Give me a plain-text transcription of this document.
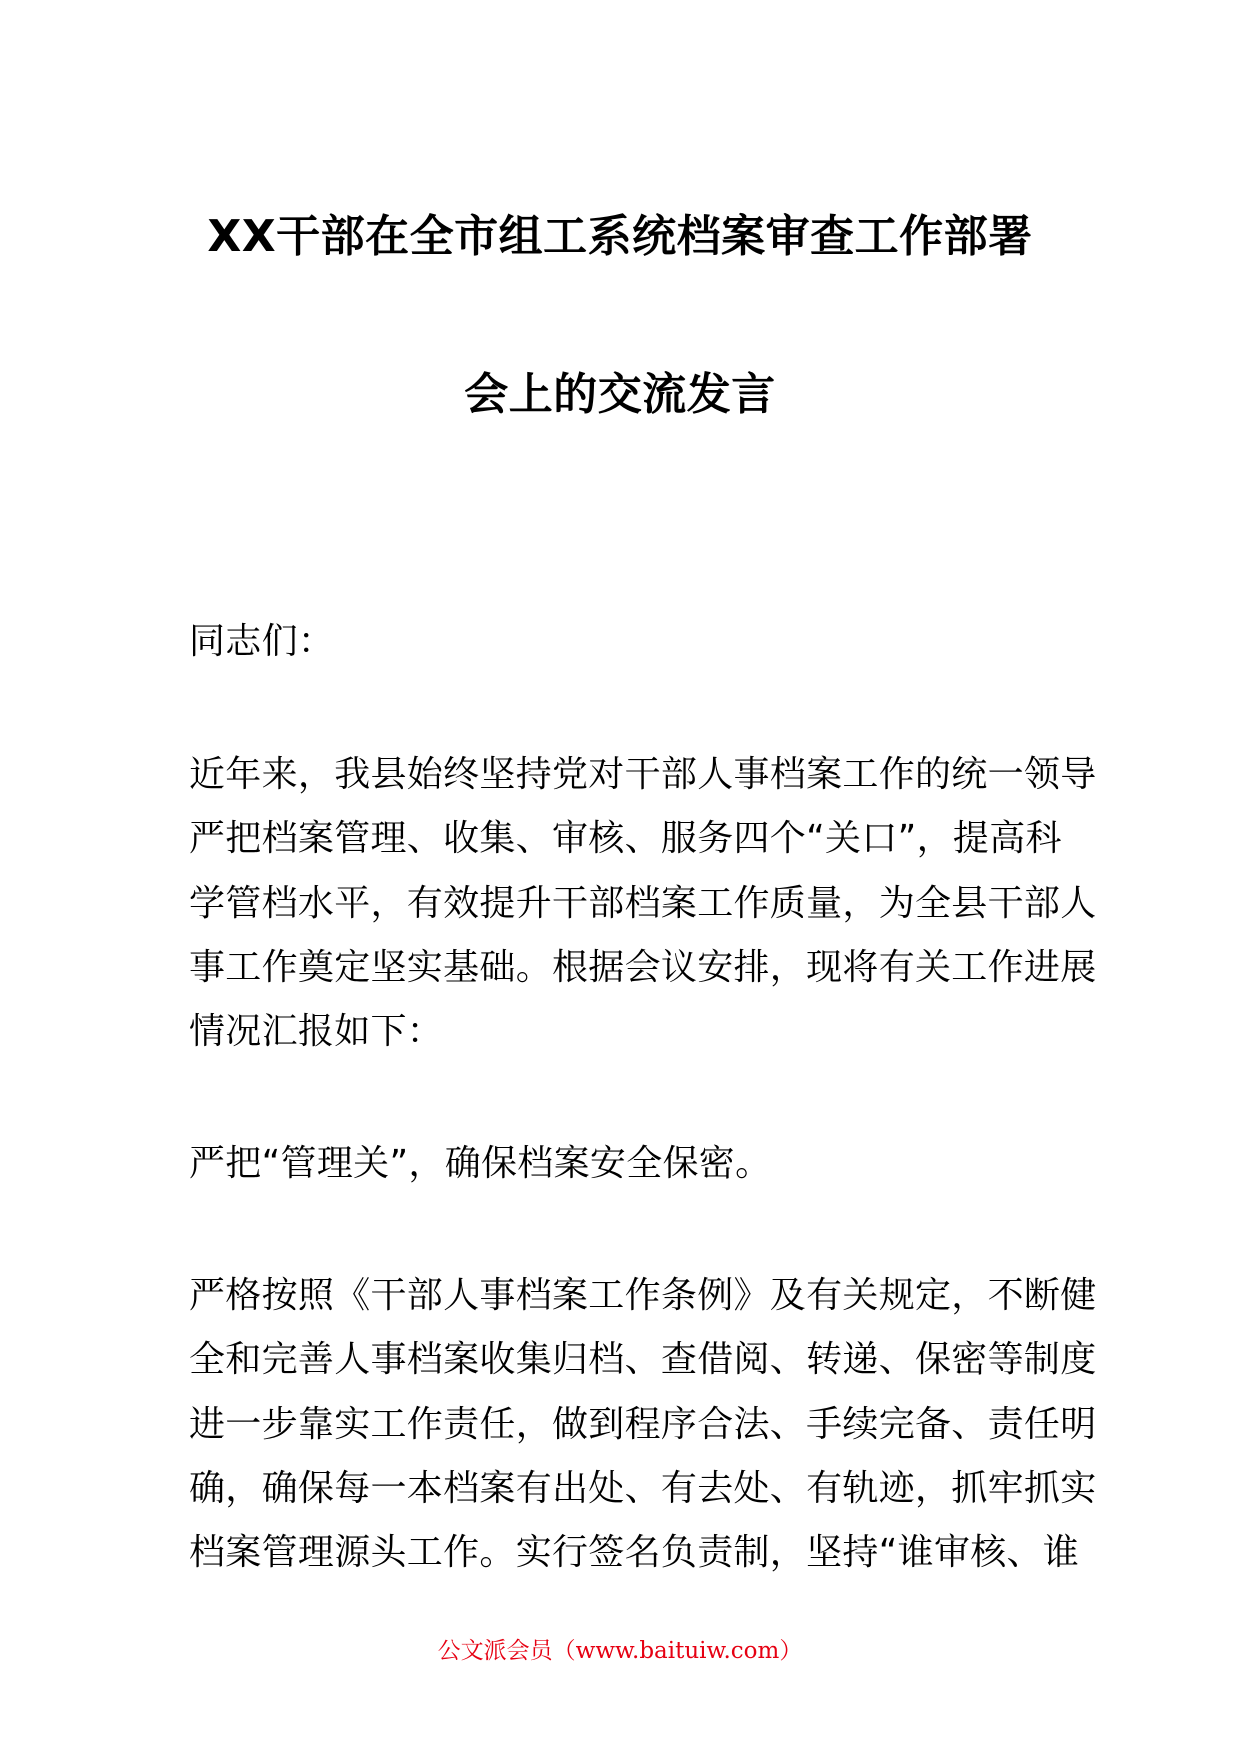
XX干部在全市组工系统档案审查工作部署
会上的交流发言
同志们：
近年来，我县始终坚持党对干部人事档案工作的统一领导
严把档案管理、收集、审核、服务四个“关口”，提高科
学管档水平，有效提升干部档案工作质量，为全县干部人
事工作奠定坚实基础。根据会议安排，现将有关工作进展
情况汇报如下：
严把“管理关”，确保档案安全保密。
严格按照《干部人事档案工作条例》及有关规定，不断健
全和完善人事档案收集归档、查借阅、转递、保密等制度
进一步靠实工作责任，做到程序合法、手续完备、责任明
确，确保每一本档案有出处、有去处、有轨迹，抓牢抓实
档案管理源头工作。实行签名负责制，坚持“谁审核、谁
公文派会员（www.baituiw.com）
